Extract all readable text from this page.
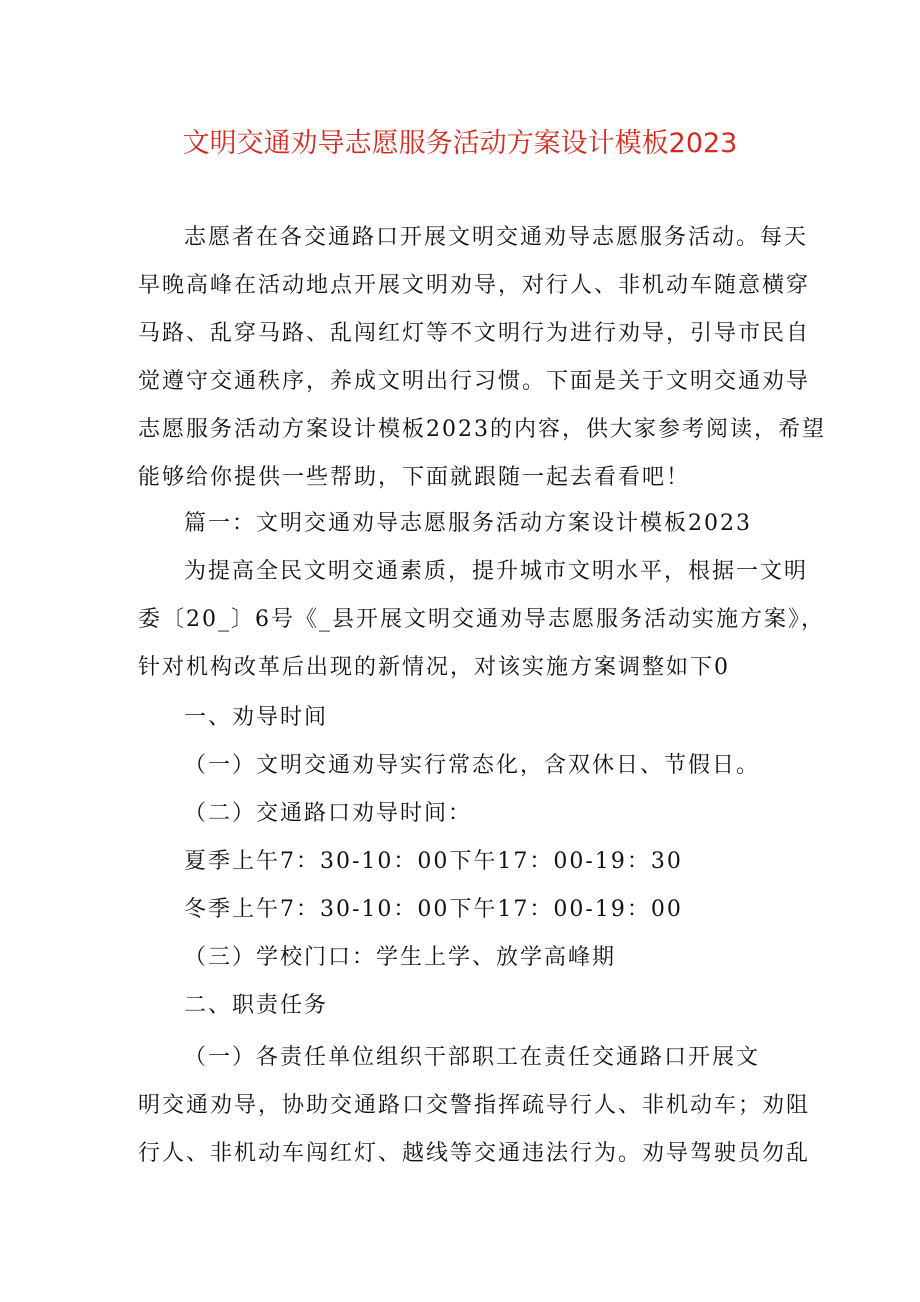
文明交通劝导志愿服务活动方案设计模板2023
志愿者在各交通路口开展文明交通劝导志愿服务活动。每天
早晚高峰在活动地点开展文明劝导，对行人、非机动车随意横穿
马路、乱穿马路、乱闯红灯等不文明行为进行劝导，引导市民自
觉遵守交通秩序，养成文明出行习惯。下面是关于文明交通劝导
志愿服务活动方案设计模板2023的内容，供大家参考阅读，希望
能够给你提供一些帮助，下面就跟随一起去看看吧！
篇一：文明交通劝导志愿服务活动方案设计模板2023
为提高全民文明交通素质，提升城市文明水平，根据一文明
委〔20_〕6号《_县开展文明交通劝导志愿服务活动实施方案》，
针对机构改革后出现的新情况，对该实施方案调整如下0
一、劝导时间
（一）文明交通劝导实行常态化，含双休日、节假日。
（二）交通路口劝导时间：
夏季上午7：30-10：00下午17：00-19：30
冬季上午7：30-10：00下午17：00-19：00
（三）学校门口：学生上学、放学高峰期
二、职责任务
（一）各责任单位组织干部职工在责任交通路口开展文
明交通劝导，协助交通路口交警指挥疏导行人、非机动车；劝阻
行人、非机动车闯红灯、越线等交通违法行为。劝导驾驶员勿乱
